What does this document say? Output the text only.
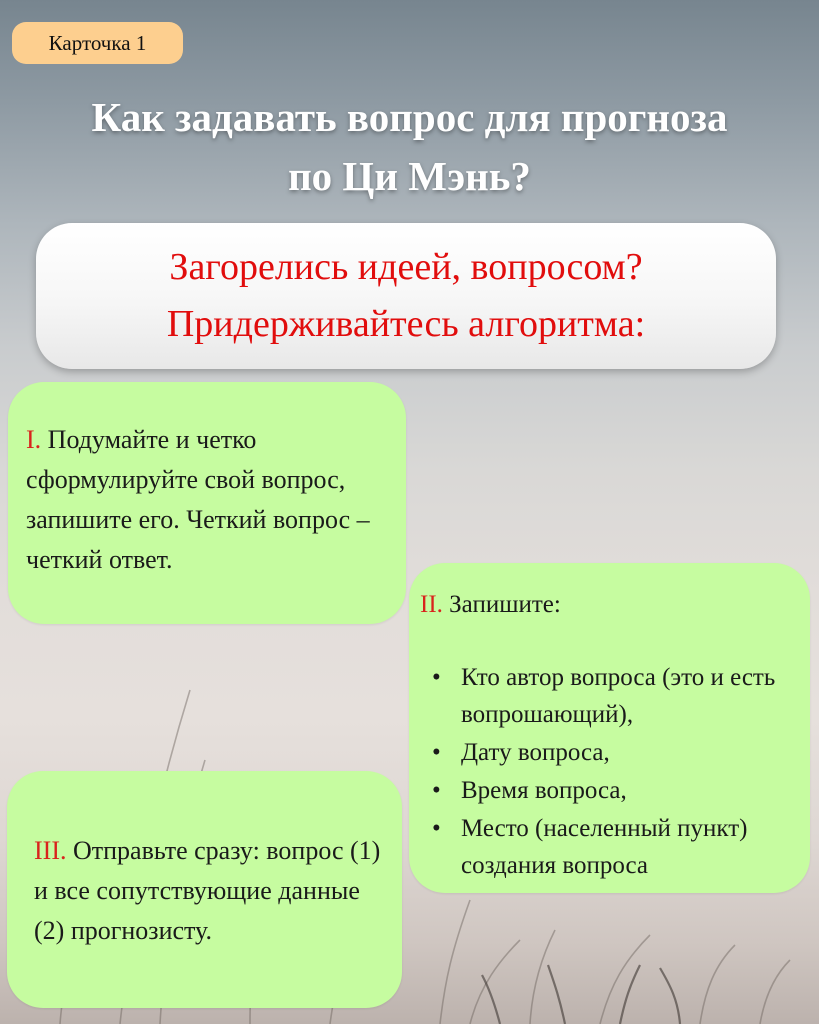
Карточка 1
Как задавать вопрос для прогноза
по Ци Мэнь?
Загорелись идеей, вопросом?
Придерживайтесь алгоритма:
I. Подумайте и четко сформулируйте свой вопрос, запишите его. Четкий вопрос – четкий ответ.
II. Запишите:
• Кто автор вопроса (это и есть вопрошающий),
• Дату вопроса,
• Время вопроса,
• Место (населенный пункт) создания вопроса
III. Отправьте сразу: вопрос (1) и все сопутствующие данные (2) прогнозисту.
